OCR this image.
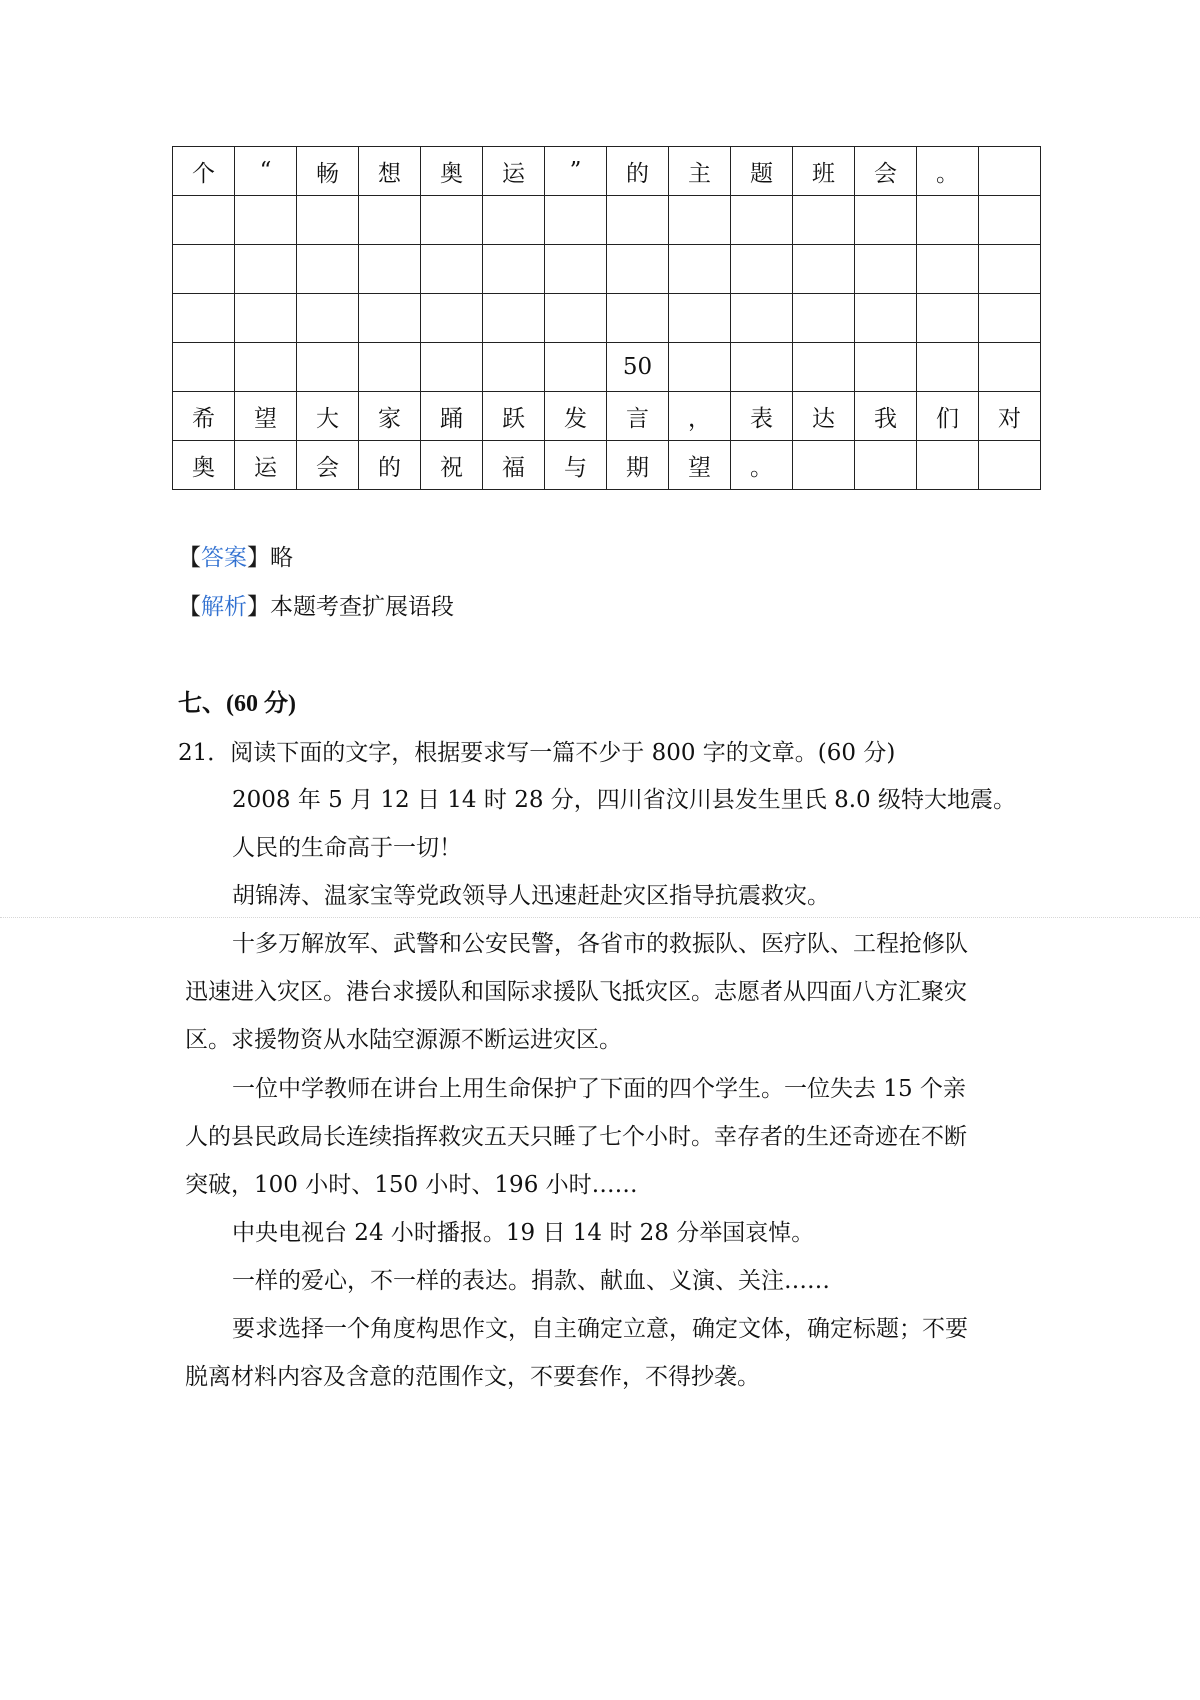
个	“	畅	想	奥	运	”	的	主	题	班	会	。	

							50						
希	望	大	家	踊	跃	发	言	，	表	达	我	们	对
奥	运	会	的	祝	福	与	期	望	。				
【答案】略
【解析】本题考查扩展语段
七、(60 分)
21．阅读下面的文字，根据要求写一篇不少于 800 字的文章。(60 分)
2008 年 5 月 12 日 14 时 28 分，四川省汶川县发生里氏 8.0 级特大地震。
人民的生命高于一切！
胡锦涛、温家宝等党政领导人迅速赶赴灾区指导抗震救灾。
十多万解放军、武警和公安民警，各省市的救振队、医疗队、工程抢修队
迅速进入灾区。港台求援队和国际求援队飞抵灾区。志愿者从四面八方汇聚灾
区。求援物资从水陆空源源不断运进灾区。
一位中学教师在讲台上用生命保护了下面的四个学生。一位失去 15 个亲
人的县民政局长连续指挥救灾五天只睡了七个小时。幸存者的生还奇迹在不断
突破，100 小时、150 小时、196 小时……
中央电视台 24 小时播报。19 日 14 时 28 分举国哀悼。
一样的爱心，不一样的表达。捐款、献血、义演、关注……
要求选择一个角度构思作文，自主确定立意，确定文体，确定标题；不要
脱离材料内容及含意的范围作文，不要套作，不得抄袭。
